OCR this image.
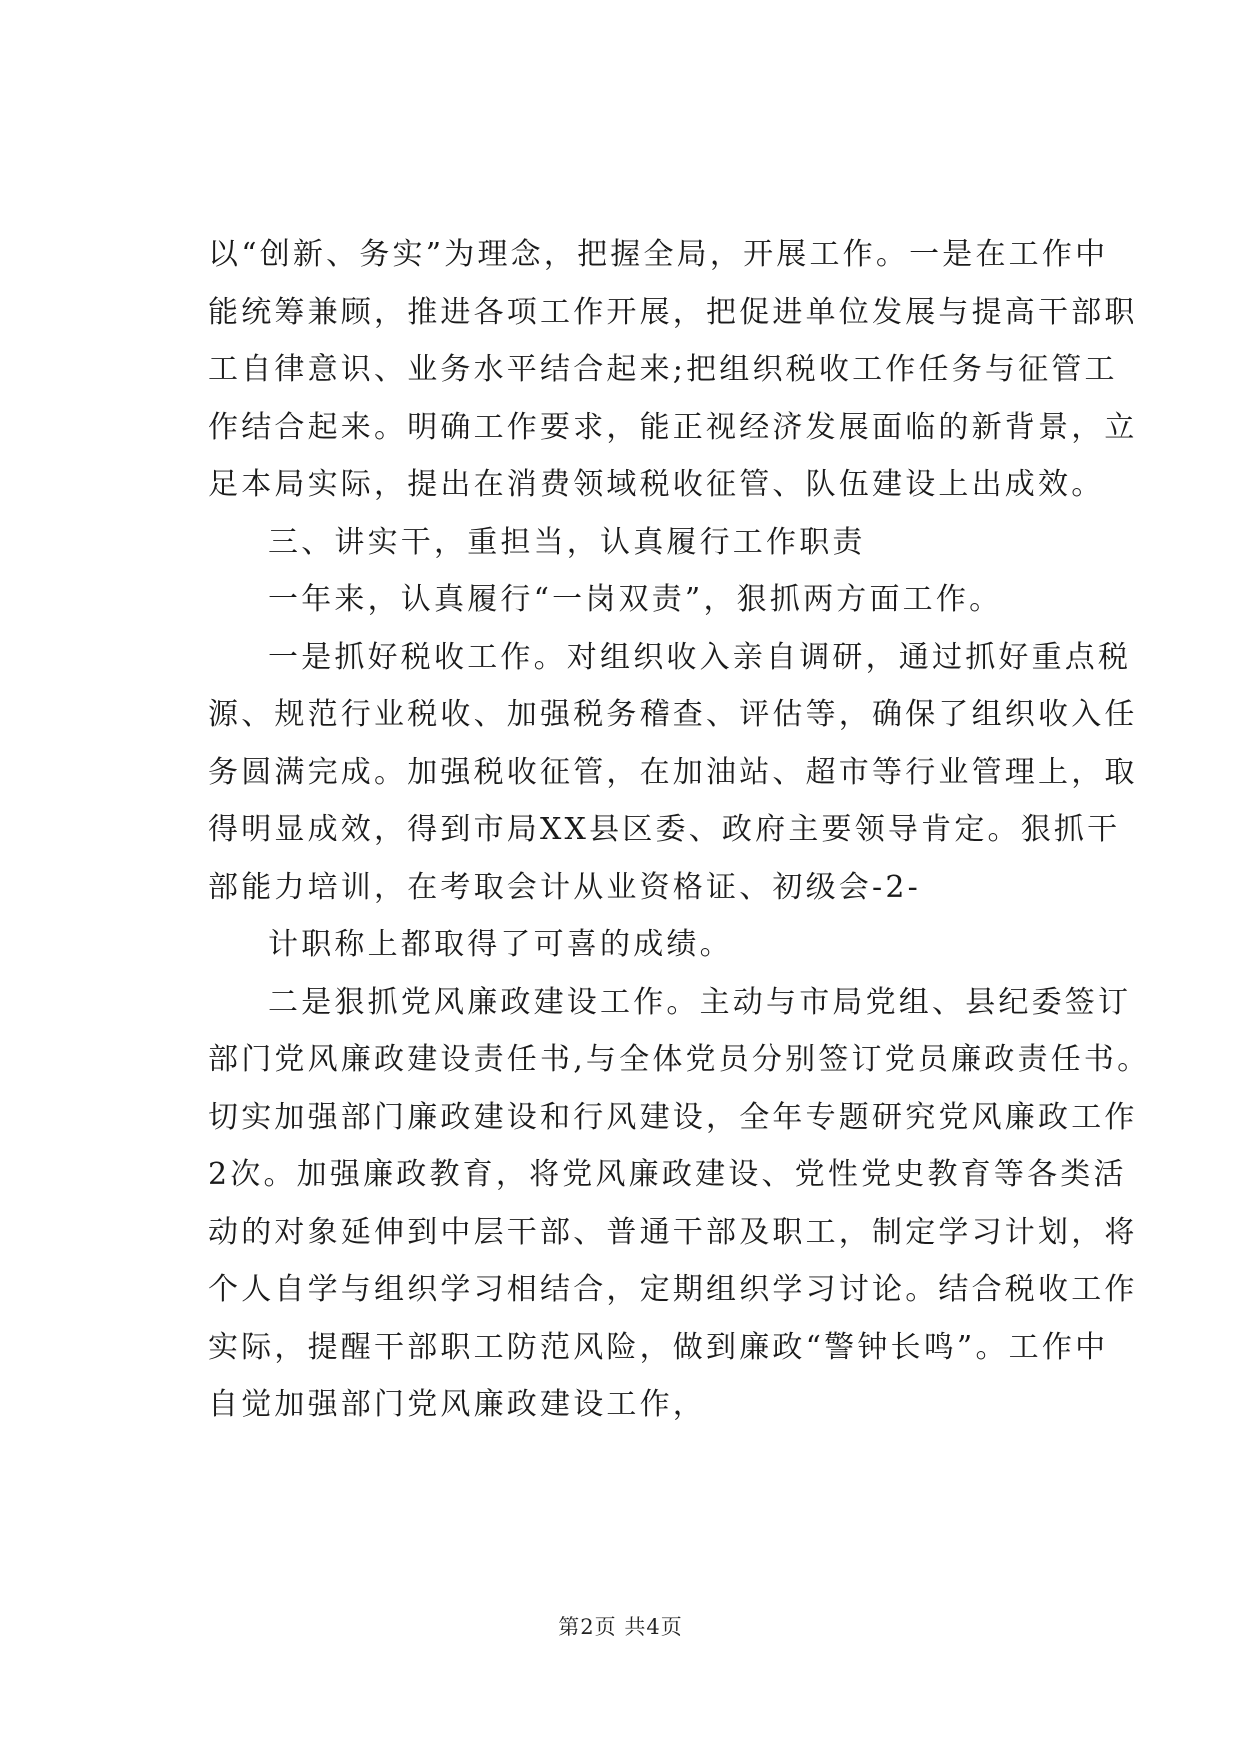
以“创新、务实”为理念，把握全局，开展工作。一是在工作中
能统筹兼顾，推进各项工作开展，把促进单位发展与提高干部职
工自律意识、业务水平结合起来;把组织税收工作任务与征管工
作结合起来。明确工作要求，能正视经济发展面临的新背景，立
足本局实际，提出在消费领域税收征管、队伍建设上出成效。
三、讲实干，重担当，认真履行工作职责
一年来，认真履行“一岗双责”，狠抓两方面工作。
一是抓好税收工作。对组织收入亲自调研，通过抓好重点税
源、规范行业税收、加强税务稽查、评估等，确保了组织收入任
务圆满完成。加强税收征管，在加油站、超市等行业管理上，取
得明显成效，得到市局XX县区委、政府主要领导肯定。狠抓干
部能力培训，在考取会计从业资格证、初级会-2-
计职称上都取得了可喜的成绩。
二是狠抓党风廉政建设工作。主动与市局党组、县纪委签订
部门党风廉政建设责任书,与全体党员分别签订党员廉政责任书。
切实加强部门廉政建设和行风建设，全年专题研究党风廉政工作
2次。加强廉政教育，将党风廉政建设、党性党史教育等各类活
动的对象延伸到中层干部、普通干部及职工，制定学习计划，将
个人自学与组织学习相结合，定期组织学习讨论。结合税收工作
实际，提醒干部职工防范风险，做到廉政“警钟长鸣”。工作中
自觉加强部门党风廉政建设工作，
第2页 共4页
